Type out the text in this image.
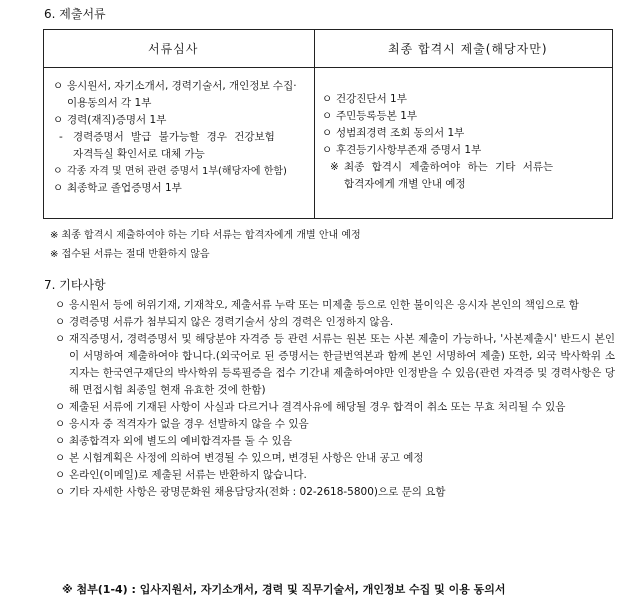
6. 제출서류
서류심사	최종 합격시 제출(해당자만)
ㅇ 응시원서, 자기소개서, 경력기술서, 개인정보 수집·
이용동의서 각 1부
ㅇ 경력(재직)증명서 1부
- 경력증명서 발급 불가능할 경우 건강보험
자격득실 확인서로 대체 가능
ㅇ 각종 자격 및 면허 관련 증명서 1부(해당자에 한함)
ㅇ 최종학교 졸업증명서 1부
ㅇ 건강진단서 1부
ㅇ 주민등록등본 1부
ㅇ 성범죄경력 조회 동의서 1부
ㅇ 후견등기사항부존재 증명서 1부
※ 최종 합격시 제출하여야 하는 기타 서류는
합격자에게 개별 안내 예정
※ 최종 합격시 제출하여야 하는 기타 서류는 합격자에게 개별 안내 예정
※ 접수된 서류는 절대 반환하지 않음
7. 기타사항
ㅇ 응시원서 등에 허위기재, 기재착오, 제출서류 누락 또는 미제출 등으로 인한 불이익은 응시자 본인의 책임으로 함
ㅇ 경력증명 서류가 첨부되지 않은 경력기술서 상의 경력은 인정하지 않음.
ㅇ 재직증명서, 경력증명서 및 해당분야 자격증 등 관련 서류는 원본 또는 사본 제출이 가능하나, '사본제출시' 반드시 본인이 서명하여 제출하여야 합니다.(외국어로 된 증명서는 한글번역본과 함께 본인 서명하여 제출) 또한, 외국 박사학위 소지자는 한국연구재단의 박사학위 등록필증을 접수 기간내 제출하여야만 인정받을 수 있음(관련 자격증 및 경력사항은 당해 면접시험 최종일 현재 유효한 것에 한함)
ㅇ 제출된 서류에 기재된 사항이 사실과 다르거나 결격사유에 해당될 경우 합격이 취소 또는 무효 처리될 수 있음
ㅇ 응시자 중 적격자가 없을 경우 선발하지 않을 수 있음
ㅇ 최종합격자 외에 별도의 예비합격자를 둘 수 있음
ㅇ 본 시험계획은 사정에 의하여 변경될 수 있으며, 변경된 사항은 안내 공고 예정
ㅇ 온라인(이메일)로 제출된 서류는 반환하지 않습니다.
ㅇ 기타 자세한 사항은 광명문화원 채용담당자(전화 : 02-2618-5800)으로 문의 요함
※ 첨부(1-4) : 입사지원서, 자기소개서, 경력 및 직무기술서, 개인정보 수집 및 이용 동의서
